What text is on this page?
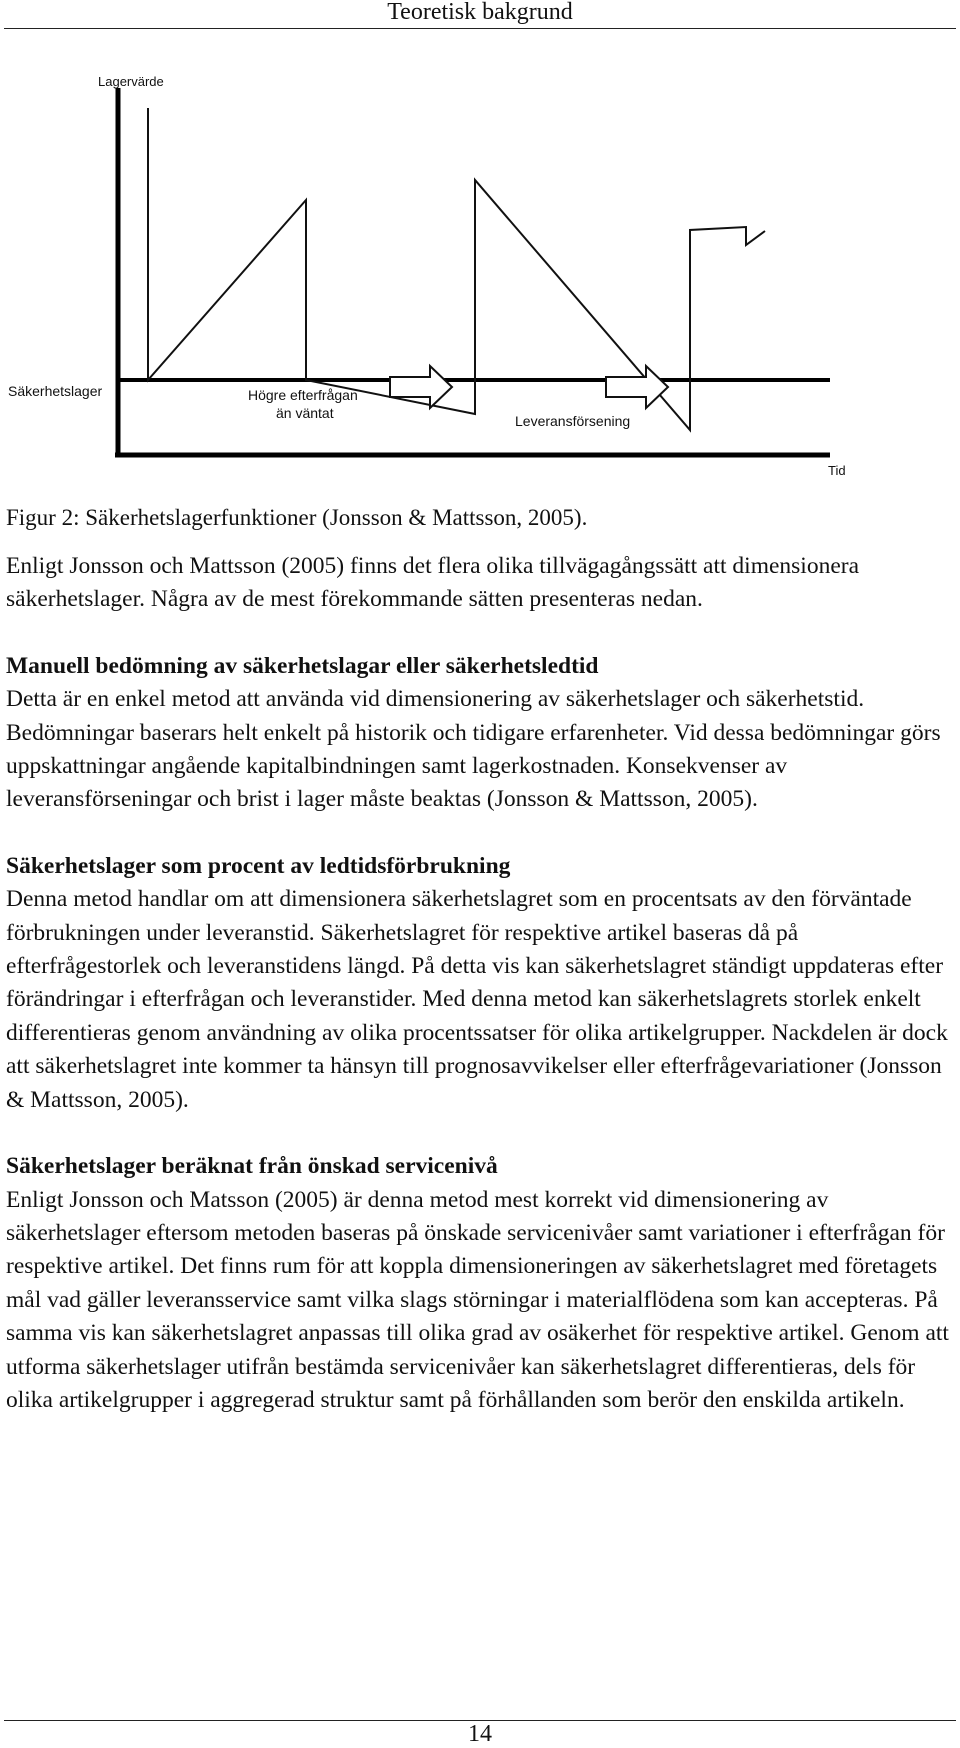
Teoretisk bakgrund
Lagervärde
Tid
Säkerhetslager	Högre efterfrågan
än väntat	Leveransförsening
Figur 2: Säkerhetslagerfunktioner (Jonsson & Mattsson, 2005).

Enligt Jonsson och Mattsson (2005) finns det flera olika tillvägagångssätt att dimensionera säkerhetslager. Några av de mest förekommande sätten presenteras nedan.

Manuell bedömning av säkerhetslagar eller säkerhetsledtid

Detta är en enkel metod att använda vid dimensionering av säkerhetslager och säkerhetstid. Bedömningar baserars helt enkelt på historik och tidigare erfarenheter. Vid dessa bedömningar görs uppskattningar angående kapitalbindningen samt lagerkostnaden. Konsekvenser av leveransförseningar och brist i lager måste beaktas (Jonsson & Mattsson, 2005).

Säkerhetslager som procent av ledtidsförbrukning

Denna metod handlar om att dimensionera säkerhetslagret som en procentsats av den förväntade förbrukningen under leveranstid. Säkerhetslagret för respektive artikel baseras då på efterfrågestorlek och leveranstidens längd. På detta vis kan säkerhetslagret ständigt uppdateras efter förändringar i efterfrågan och leveranstider. Med denna metod kan säkerhetslagrets storlek enkelt differentieras genom användning av olika procentssatser för olika artikelgrupper. Nackdelen är dock att säkerhetslagret inte kommer ta hänsyn till prognosavvikelser eller efterfrågevariationer (Jonsson & Mattsson, 2005).

Säkerhetslager beräknat från önskad servicenivå

Enligt Jonsson och Matsson (2005) är denna metod mest korrekt vid dimensionering av säkerhetslager eftersom metoden baseras på önskade servicenivåer samt variationer i efterfrågan för respektive artikel. Det finns rum för att koppla dimensioneringen av säkerhetslagret med företagets mål vad gäller leveransservice samt vilka slags störningar i materialflödena som kan accepteras. På samma vis kan säkerhetslagret anpassas till olika grad av osäkerhet för respektive artikel. Genom att utforma säkerhetslager utifrån bestämda servicenivåer kan säkerhetslagret differentieras, dels för olika artikelgrupper i aggregerad struktur samt på förhållanden som berör den enskilda artikeln.

14
